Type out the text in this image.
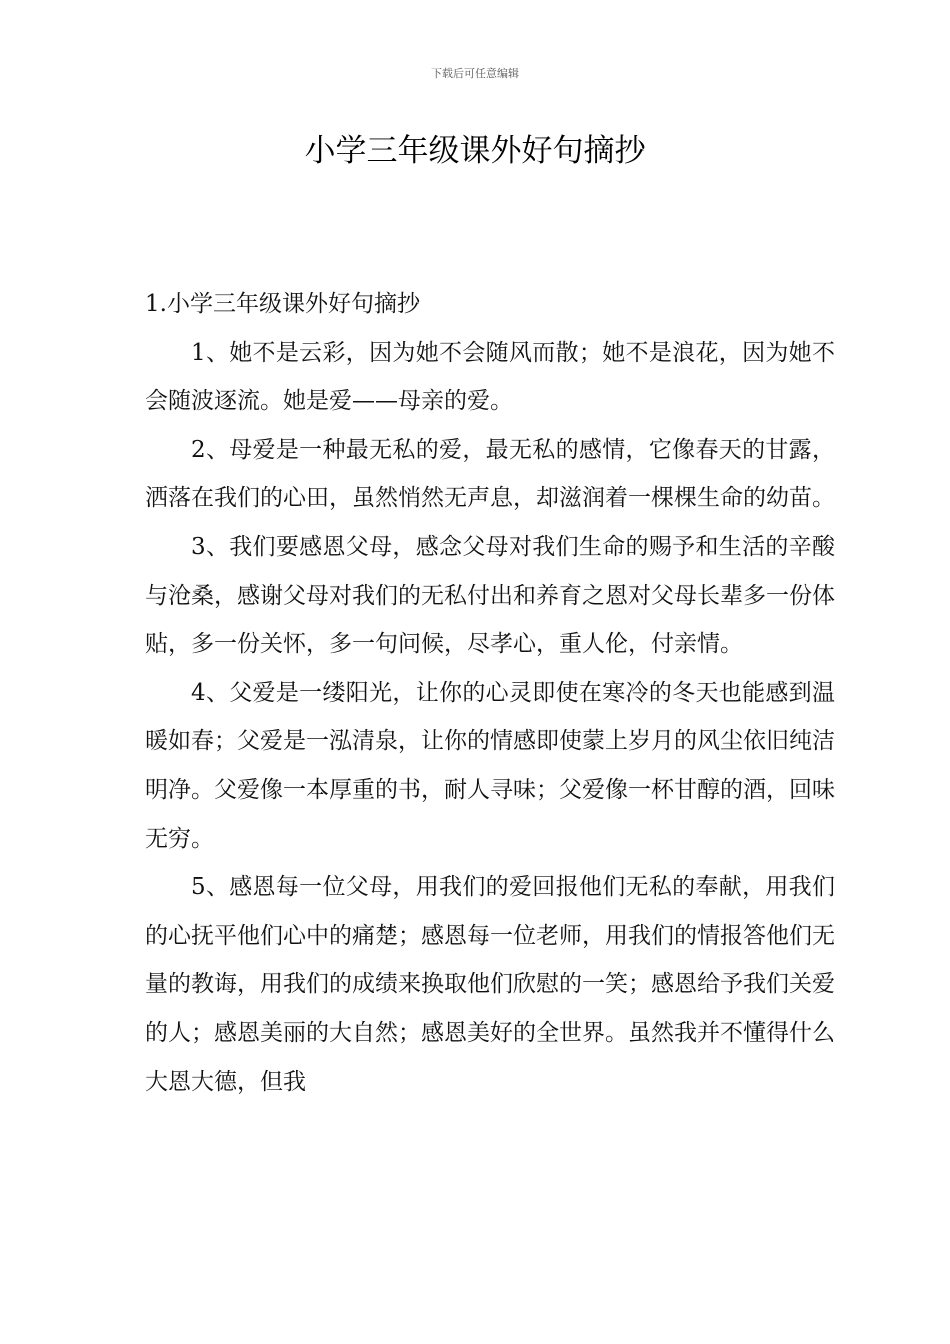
下载后可任意编辑
小学三年级课外好句摘抄

1.小学三年级课外好句摘抄

1、她不是云彩，因为她不会随风而散；她不是浪花，因为她不会随波逐流。她是爱——母亲的爱。

2、母爱是一种最无私的爱，最无私的感情，它像春天的甘露，洒落在我们的心田，虽然悄然无声息，却滋润着一棵棵生命的幼苗。

3、我们要感恩父母，感念父母对我们生命的赐予和生活的辛酸与沧桑，感谢父母对我们的无私付出和养育之恩对父母长辈多一份体贴，多一份关怀，多一句问候，尽孝心，重人伦，付亲情。

4、父爱是一缕阳光，让你的心灵即使在寒冷的冬天也能感到温暖如春；父爱是一泓清泉，让你的情感即使蒙上岁月的风尘依旧纯洁明净。父爱像一本厚重的书，耐人寻味；父爱像一杯甘醇的酒，回味无穷。

5、感恩每一位父母，用我们的爱回报他们无私的奉献，用我们的心抚平他们心中的痛楚；感恩每一位老师，用我们的情报答他们无量的教诲，用我们的成绩来换取他们欣慰的一笑；感恩给予我们关爱的人；感恩美丽的大自然；感恩美好的全世界。虽然我并不懂得什么大恩大德，但我
